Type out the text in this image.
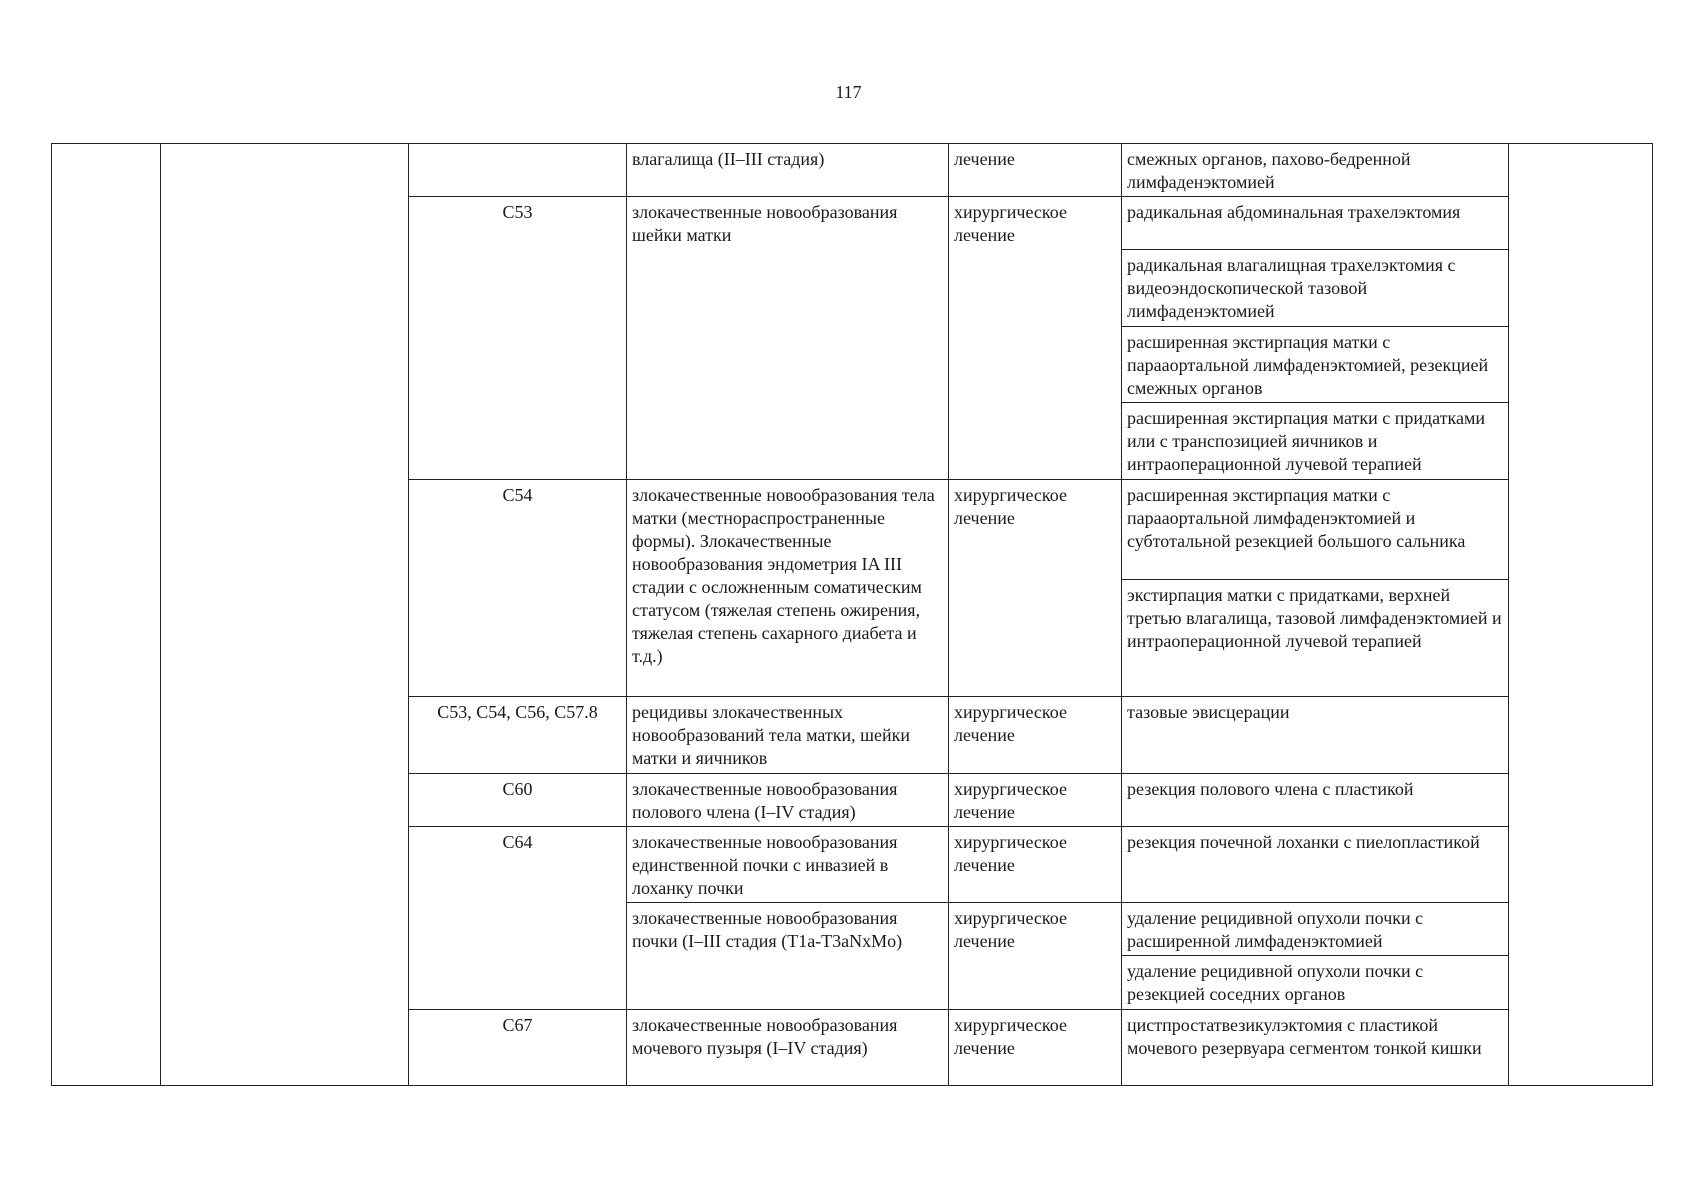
117
			влагалища (II–III стадия)	лечение	смежных органов, пахово-бедренной лимфаденэктомией	
		C53	злокачественные новообразования шейки матки	хирургическое лечение	радикальная абдоминальная трахелэктомия	
					радикальная влагалищная трахелэктомия с видеоэндоскопической тазовой лимфаденэктомией	
					расширенная экстирпация матки с парааортальной лимфаденэктомией, резекцией смежных органов	
					расширенная экстирпация матки с придатками или с транспозицией яичников и интраоперационной лучевой терапией	
		C54	злокачественные новообразования тела матки (местнораспространенные формы). Злокачественные новообразования эндометрия IA III стадии с осложненным соматическим статусом (тяжелая степень ожирения, тяжелая степень сахарного диабета и т.д.)	хирургическое лечение	расширенная экстирпация матки с парааортальной лимфаденэктомией и субтотальной резекцией большого сальника	
					экстирпация матки с придатками, верхней третью влагалища, тазовой лимфаденэктомией и интраоперационной лучевой терапией	
		C53, C54, C56, C57.8	рецидивы злокачественных новообразований тела матки, шейки матки и яичников	хирургическое лечение	тазовые эвисцерации	
		C60	злокачественные новообразования полового члена (I–IV стадия)	хирургическое лечение	резекция полового члена с пластикой	
		C64	злокачественные новообразования единственной почки с инвазией в лоханку почки	хирургическое лечение	резекция почечной лоханки с пиелопластикой	
			злокачественные новообразования почки (I–III стадия (T1a-T3aNxMo)	хирургическое лечение	удаление рецидивной опухоли почки с расширенной лимфаденэктомией	
					удаление рецидивной опухоли почки с резекцией соседних органов	

		C67	злокачественные новообразования мочевого пузыря (I–IV стадия)	хирургическое лечение	цистпростатвезикулэктомия с пластикой мочевого резервуара сегментом тонкой кишки	
